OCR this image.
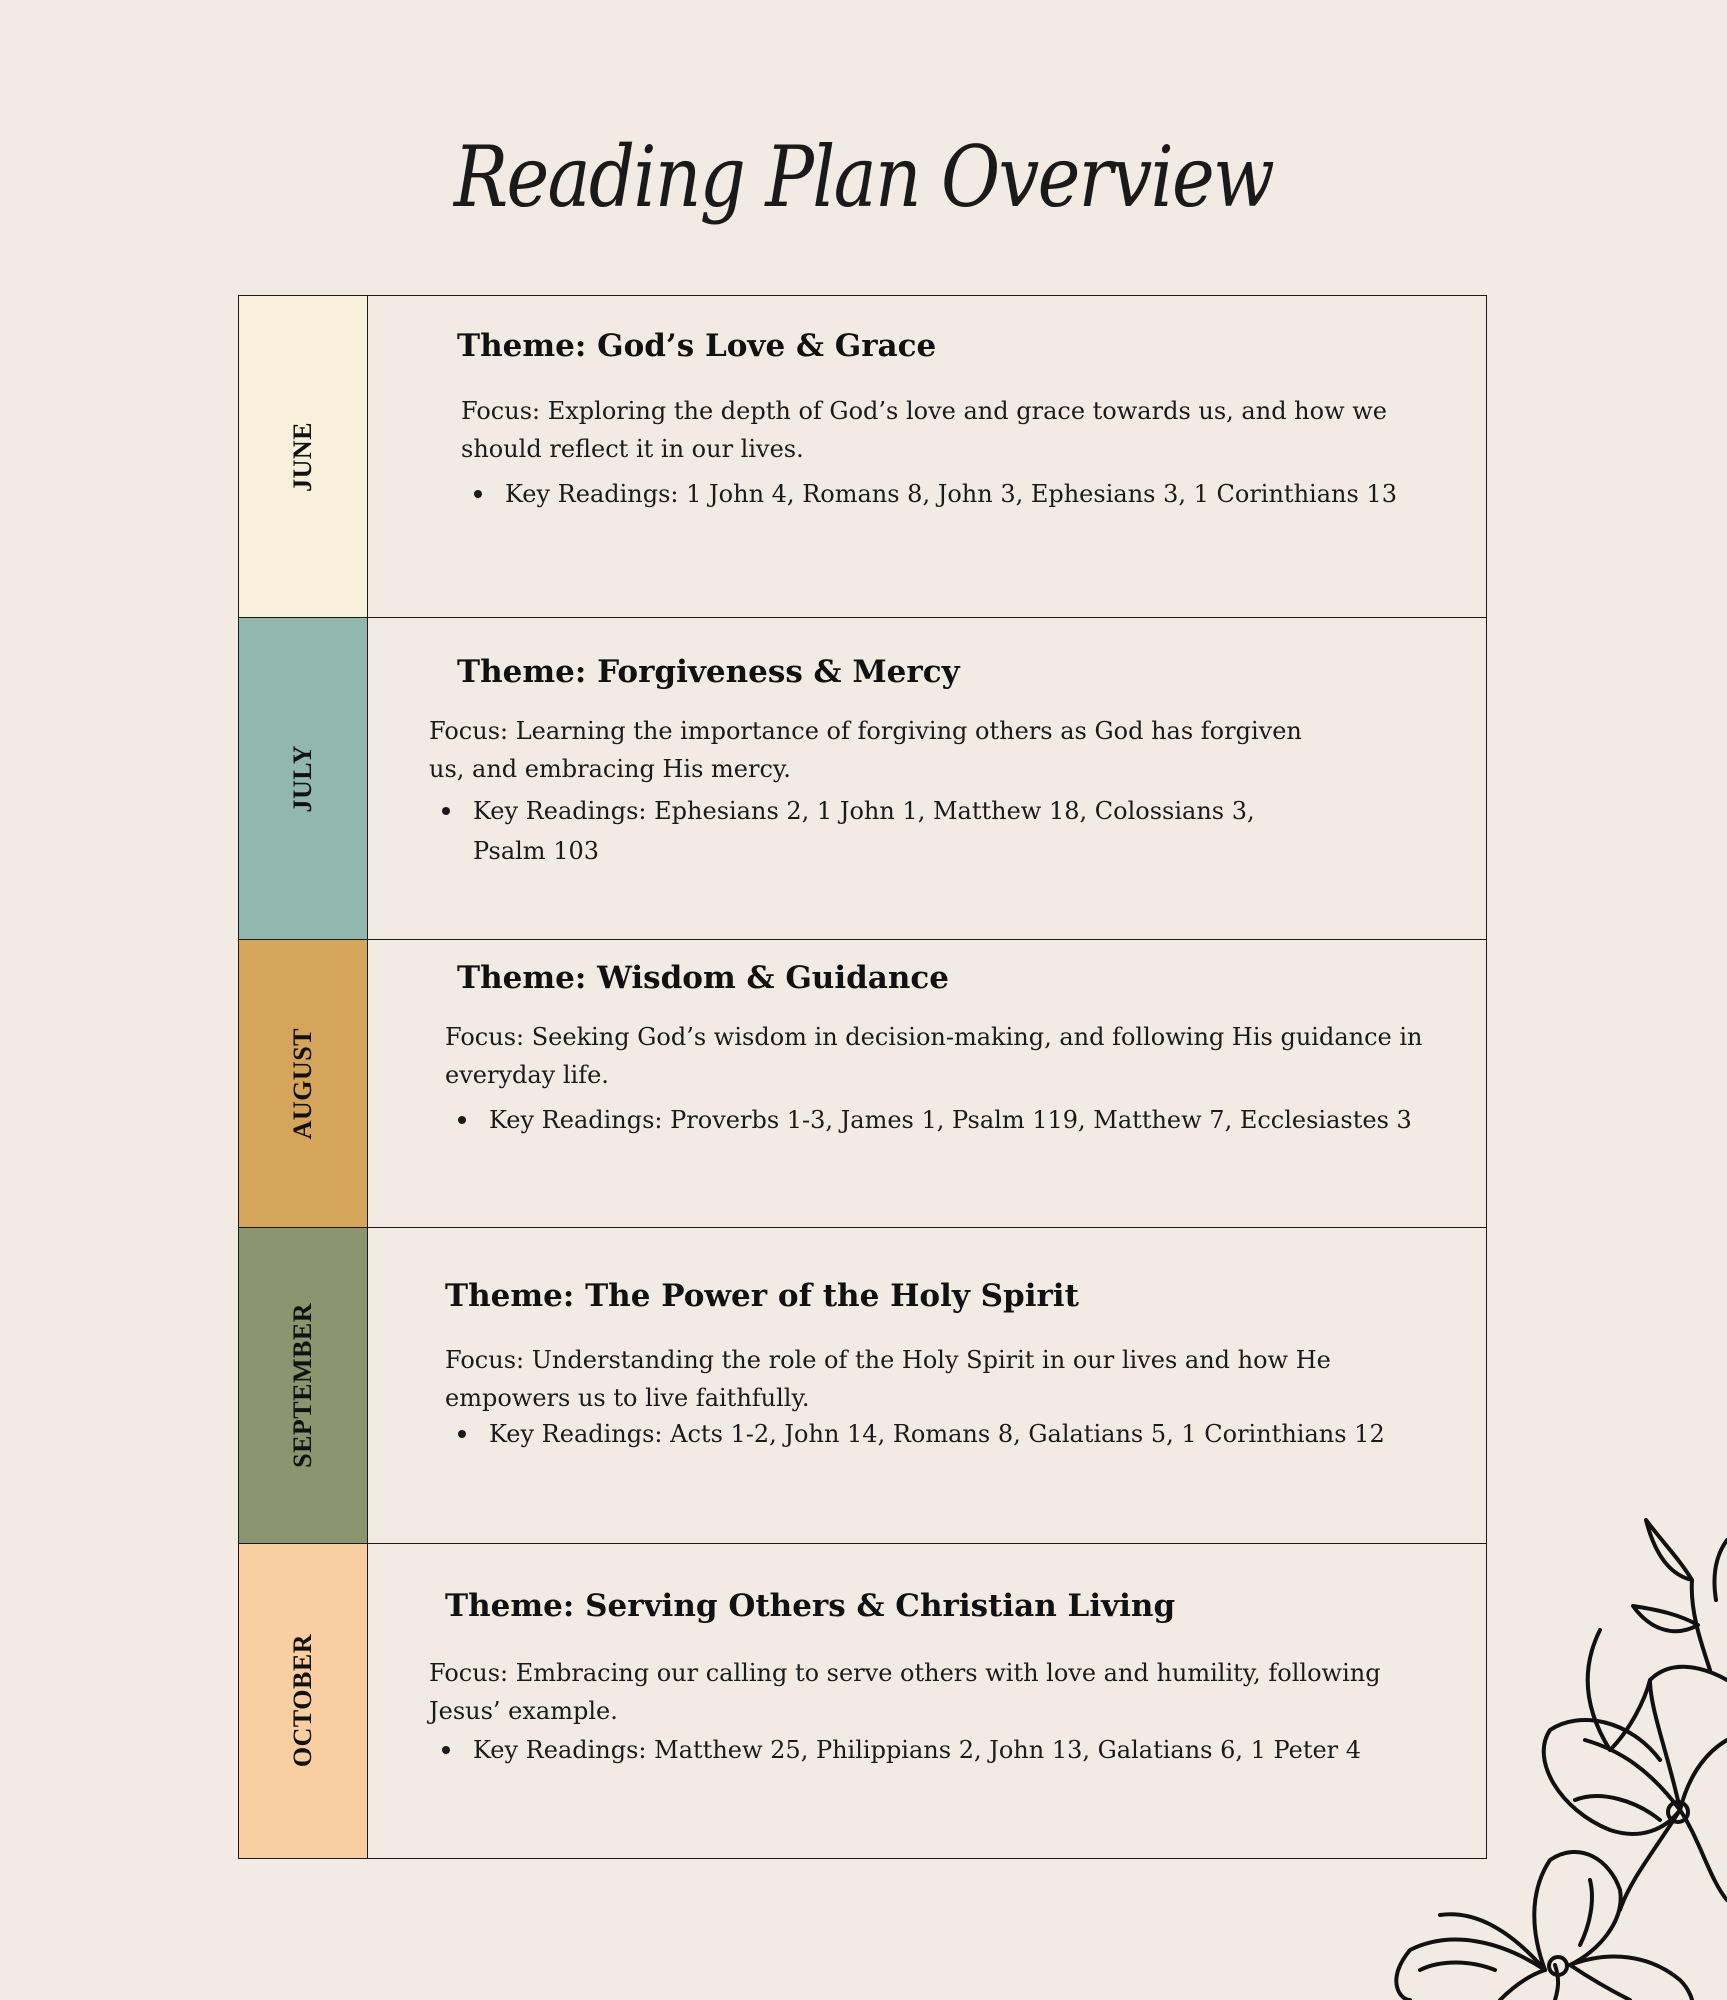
Reading Plan Overview
JUNE
Theme: God’s Love & Grace
Focus: Exploring the depth of God’s love and grace towards us, and how we should reflect it in our lives.
Key Readings: 1 John 4, Romans 8, John 3, Ephesians 3, 1 Corinthians 13
JULY
Theme: Forgiveness & Mercy
Focus: Learning the importance of forgiving others as God has forgiven us, and embracing His mercy.
Key Readings: Ephesians 2, 1 John 1, Matthew 18, Colossians 3, Psalm 103
AUGUST
Theme: Wisdom & Guidance
Focus: Seeking God’s wisdom in decision-making, and following His guidance in everyday life.
Key Readings: Proverbs 1-3, James 1, Psalm 119, Matthew 7, Ecclesiastes 3
SEPTEMBER
Theme: The Power of the Holy Spirit
Focus: Understanding the role of the Holy Spirit in our lives and how He empowers us to live faithfully.
Key Readings: Acts 1-2, John 14, Romans 8, Galatians 5, 1 Corinthians 12
OCTOBER
Theme: Serving Others & Christian Living
Focus: Embracing our calling to serve others with love and humility, following Jesus’ example.
Key Readings: Matthew 25, Philippians 2, John 13, Galatians 6, 1 Peter 4
